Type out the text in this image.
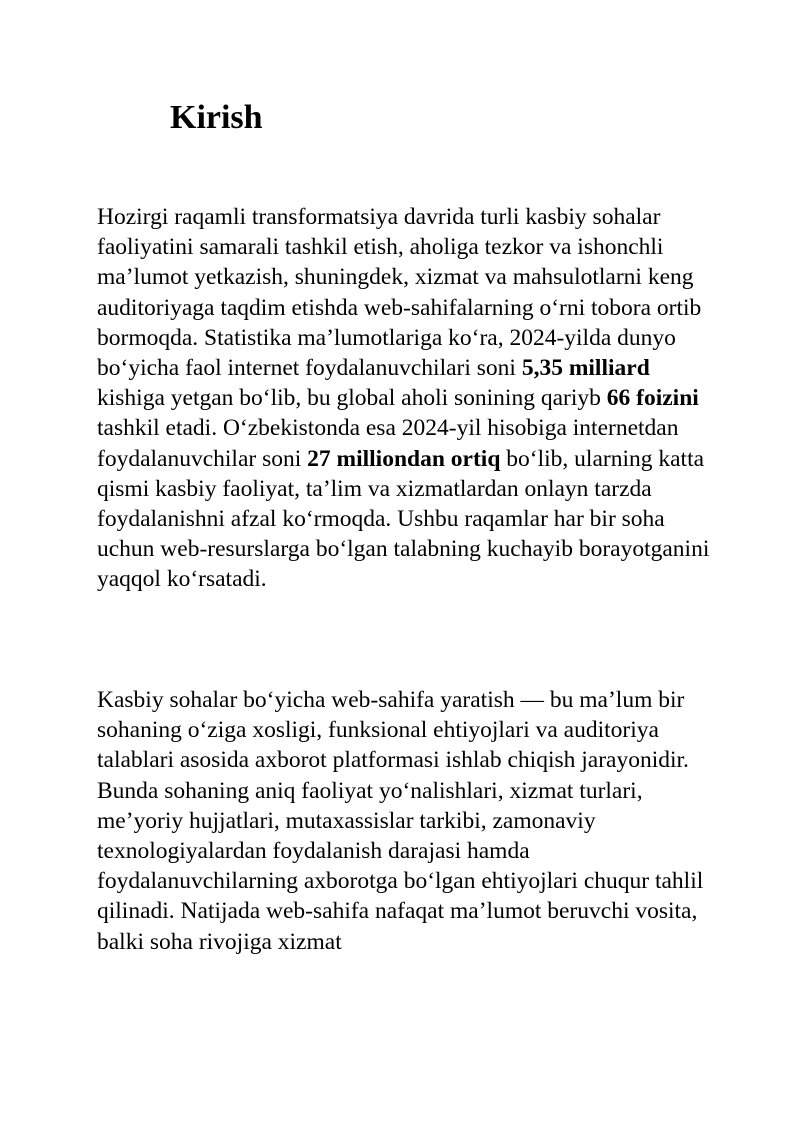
Kirish

Hozirgi raqamli transformatsiya davrida turli kasbiy sohalar faoliyatini samarali tashkil etish, aholiga tezkor va ishonchli ma’lumot yetkazish, shuningdek, xizmat va mahsulotlarni keng auditoriyaga taqdim etishda web-sahifalarning oʻrni tobora ortib bormoqda. Statistika ma’lumotlariga koʻra, 2024-yilda dunyo boʻyicha faol internet foydalanuvchilari soni 5,35 milliard kishiga yetgan boʻlib, bu global aholi sonining qariyb 66 foizini tashkil etadi. Oʻzbekistonda esa 2024-yil hisobiga internetdan foydalanuvchilar soni 27 milliondan ortiq boʻlib, ularning katta qismi kasbiy faoliyat, ta’lim va xizmatlardan onlayn tarzda foydalanishni afzal koʻrmoqda. Ushbu raqamlar har bir soha uchun web-resurslarga boʻlgan talabning kuchayib borayotganini yaqqol koʻrsatadi.

Kasbiy sohalar boʻyicha web-sahifa yaratish — bu ma’lum bir sohaning oʻziga xosligi, funksional ehtiyojlari va auditoriya talablari asosida axborot platformasi ishlab chiqish jarayonidir. Bunda sohaning aniq faoliyat yoʻnalishlari, xizmat turlari, me’yoriy hujjatlari, mutaxassislar tarkibi, zamonaviy texnologiyalardan foydalanish darajasi hamda foydalanuvchilarning axborotga boʻlgan ehtiyojlari chuqur tahlil qilinadi. Natijada web-sahifa nafaqat ma’lumot beruvchi vosita, balki soha rivojiga xizmat
